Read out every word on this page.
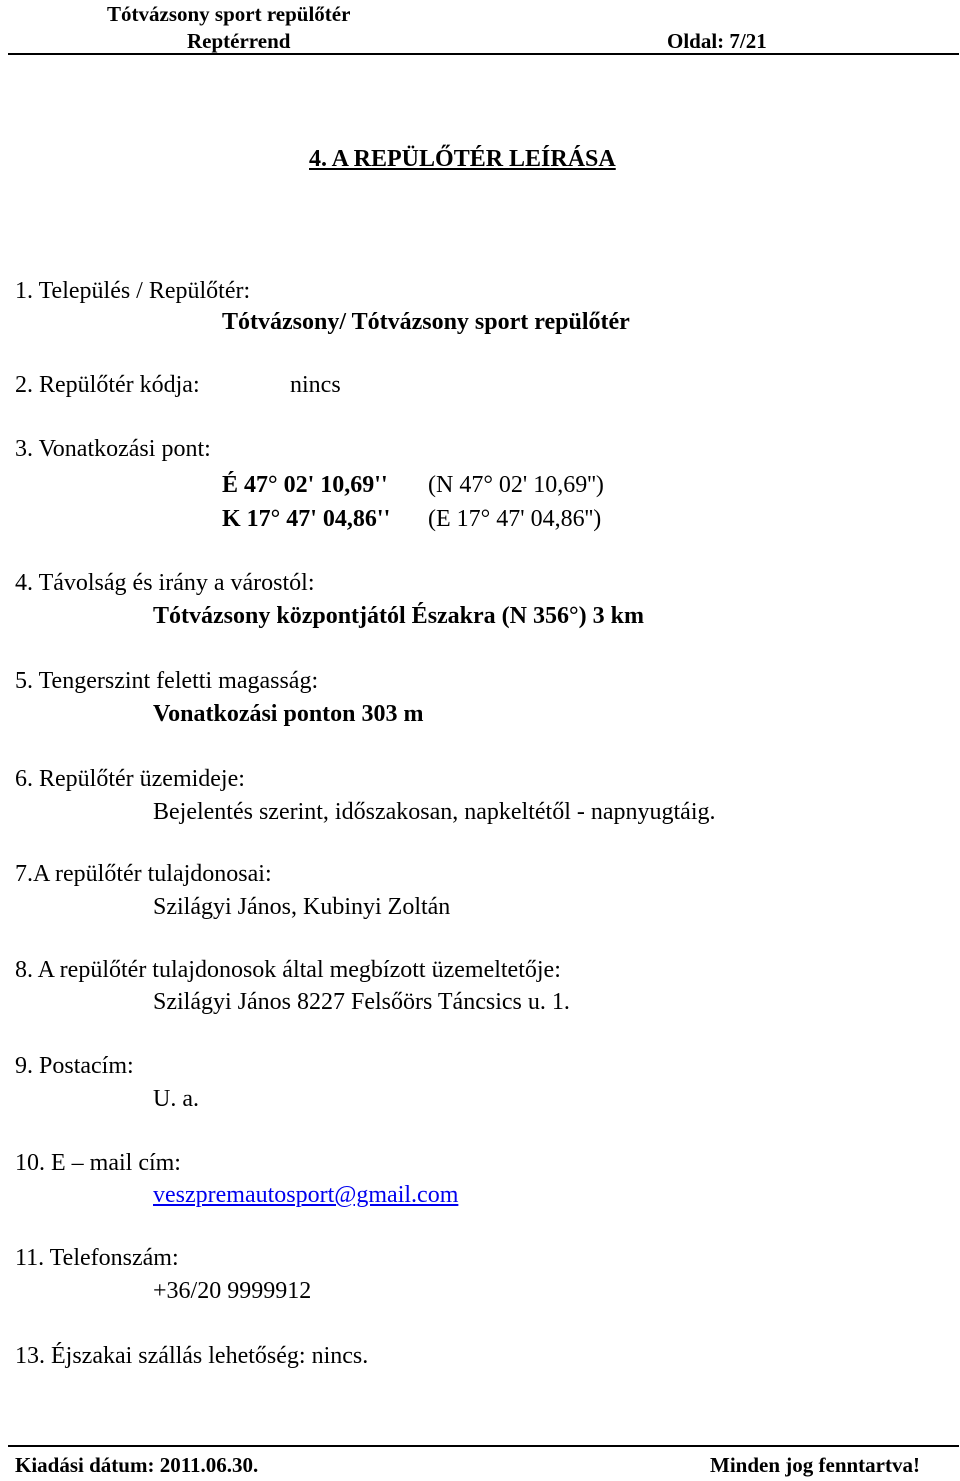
Tótvázsony sport repülőtér
Reptérrend	Oldal: 7/21
4. A REPÜLŐTÉR LEÍRÁSA
1. Település / Repülőtér:
Tótvázsony/ Tótvázsony sport repülőtér
2. Repülőtér kódja:	nincs
3. Vonatkozási pont:
É 47° 02' 10,69'' (N 47° 02' 10,69'')
K 17° 47' 04,86'' (E 17° 47' 04,86'')
4. Távolság és irány a várostól:
Tótvázsony központjától Északra (N 356°) 3 km
5. Tengerszint feletti magasság:
Vonatkozási ponton 303 m
6. Repülőtér üzemideje:
Bejelentés szerint, időszakosan, napkeltétől - napnyugtáig.
7.A repülőtér tulajdonosai:
Szilágyi János, Kubinyi Zoltán
8. A repülőtér tulajdonosok által megbízott üzemeltetője:
Szilágyi János 8227 Felsőörs Táncsics u. 1.
9. Postacím:
U. a.
10. E – mail cím:
veszpremautosport@gmail.com
11. Telefonszám:
+36/20 9999912
13. Éjszakai szállás lehetőség: nincs.
Kiadási dátum: 2011.06.30.	Minden jog fenntartva!
